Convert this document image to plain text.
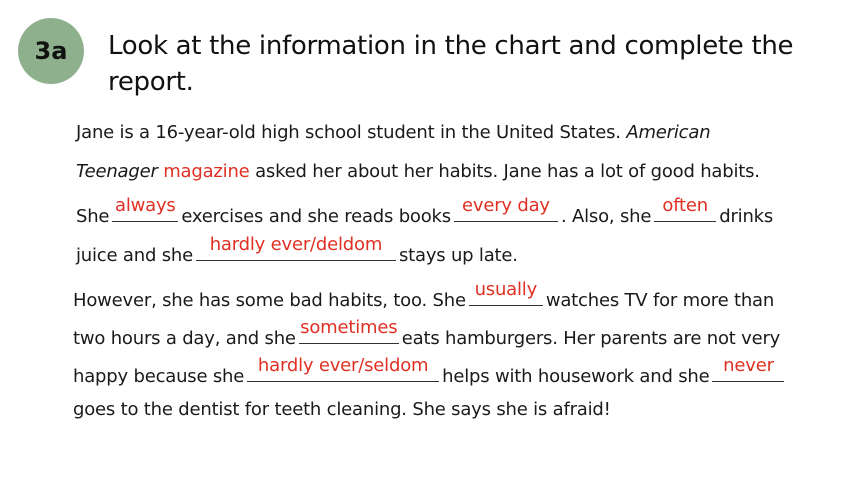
3a	Look at the information in the chart and complete the report.
Jane is a 16-year-old high school student in the United States. American
Teenager magazine asked her about her habits. Jane has a lot of good habits.
She
always
exercises and she reads books
every day
. Also, she
often
drinks
juice and she
hardly ever/deldom
stays up late.
However, she has some bad habits, too. She
usually
watches TV for more than
two hours a day, and she
sometimes
eats hamburgers. Her parents are not very
happy because she
hardly ever/seldom
helps with housework and she
never
goes to the dentist for teeth cleaning. She says she is afraid!
